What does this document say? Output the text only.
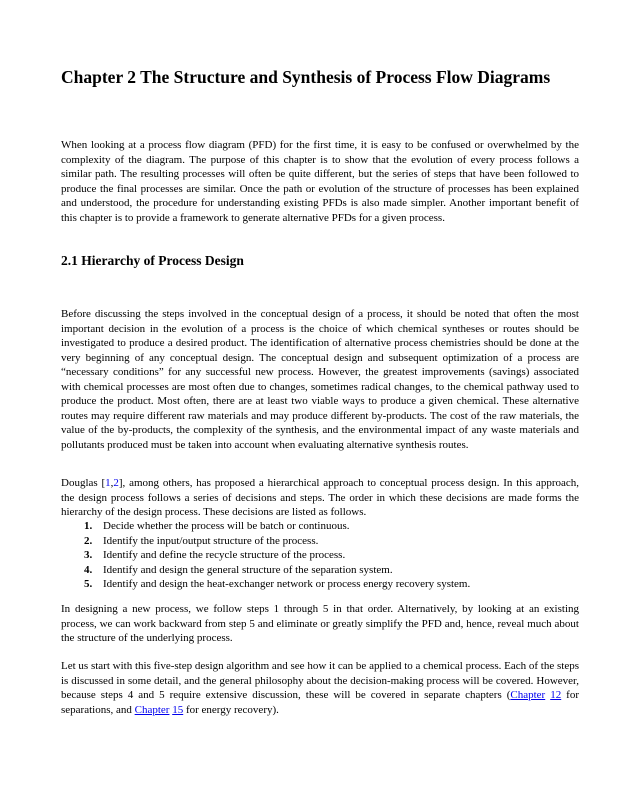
Chapter 2 The Structure and Synthesis of Process Flow Diagrams

When looking at a process flow diagram (PFD) for the first time, it is easy to be confused or overwhelmed by the complexity of the diagram. The purpose of this chapter is to show that the evolution of every process follows a similar path. The resulting processes will often be quite different, but the series of steps that have been followed to produce the final processes are similar. Once the path or evolution of the structure of processes has been explained and understood, the procedure for understanding existing PFDs is also made simpler. Another important benefit of this chapter is to provide a framework to generate alternative PFDs for a given process.

2.1 Hierarchy of Process Design

Before discussing the steps involved in the conceptual design of a process, it should be noted that often the most important decision in the evolution of a process is the choice of which chemical syntheses or routes should be investigated to produce a desired product. The identification of alternative process chemistries should be done at the very beginning of any conceptual design. The conceptual design and subsequent optimization of a process are “necessary conditions” for any successful new process. However, the greatest improvements (savings) associated with chemical processes are most often due to changes, sometimes radical changes, to the chemical pathway used to produce the product. Most often, there are at least two viable ways to produce a given chemical. These alternative routes may require different raw materials and may produce different by-products. The cost of the raw materials, the value of the by-products, the complexity of the synthesis, and the environmental impact of any waste materials and pollutants produced must be taken into account when evaluating alternative synthesis routes.

Douglas [1,2], among others, has proposed a hierarchical approach to conceptual process design. In this approach, the design process follows a series of decisions and steps. The order in which these decisions are made forms the hierarchy of the design process. These decisions are listed as follows.

1. Decide whether the process will be batch or continuous.
2. Identify the input/output structure of the process.
3. Identify and define the recycle structure of the process.
4. Identify and design the general structure of the separation system.
5. Identify and design the heat-exchanger network or process energy recovery system.

In designing a new process, we follow steps 1 through 5 in that order. Alternatively, by looking at an existing process, we can work backward from step 5 and eliminate or greatly simplify the PFD and, hence, reveal much about the structure of the underlying process.

Let us start with this five-step design algorithm and see how it can be applied to a chemical process. Each of the steps is discussed in some detail, and the general philosophy about the decision-making process will be covered. However, because steps 4 and 5 require extensive discussion, these will be covered in separate chapters (Chapter 12 for separations, and Chapter 15 for energy recovery).
